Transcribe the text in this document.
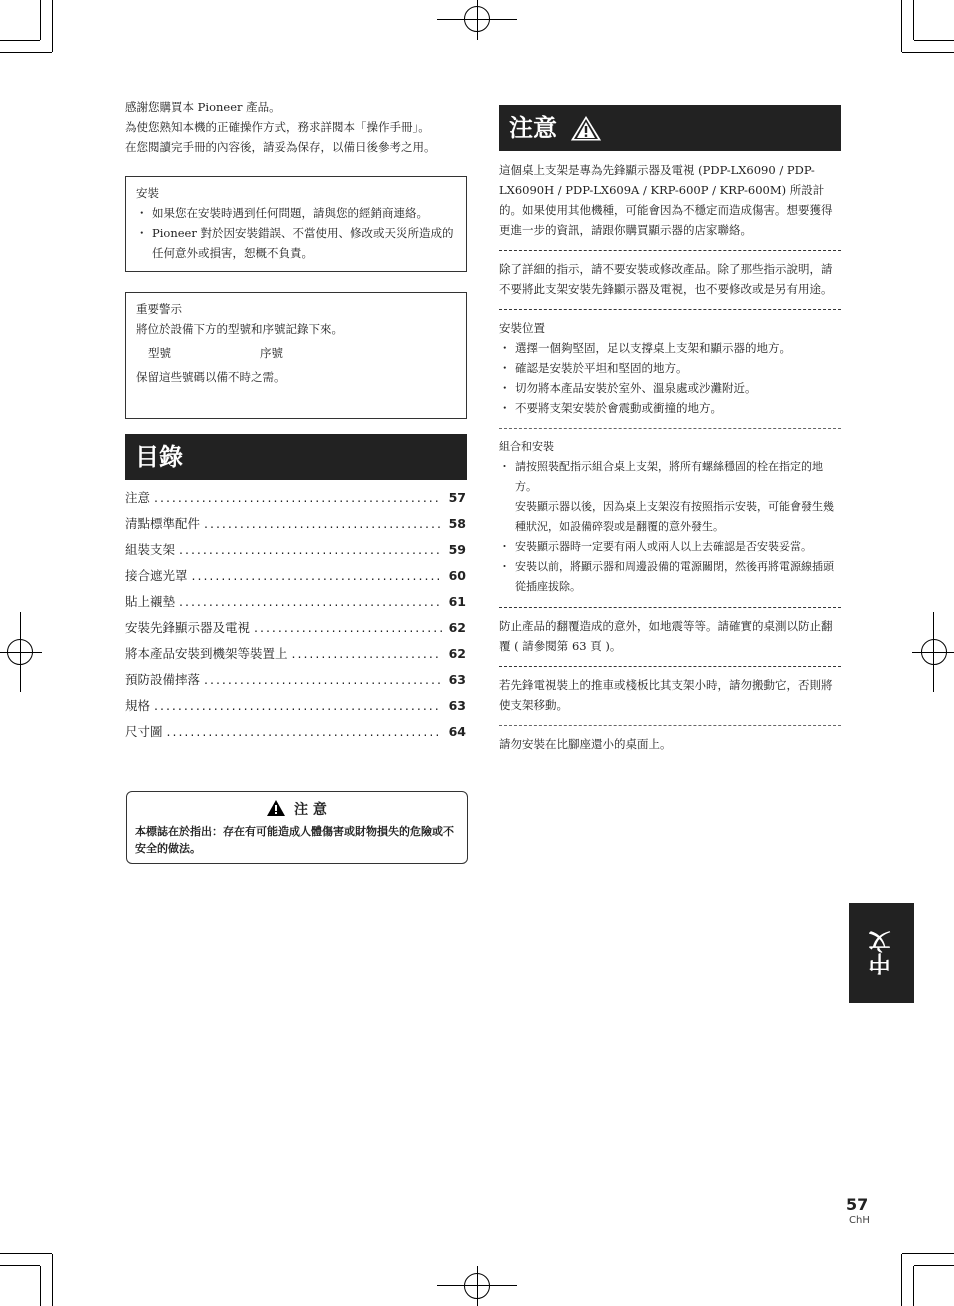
感謝您購買本 Pioneer 產品。
為使您熟知本機的正確操作方式，務求詳閱本「操作手冊」。
在您閱讀完手冊的內容後，請妥為保存，以備日後參考之用。
安裝
・ 如果您在安裝時遇到任何問題，請與您的經銷商連絡。
・ Pioneer 對於因安裝錯誤、不當使用、修改或天災所造成的任何意外或損害，恕概不負責。
重要警示
將位於設備下方的型號和序號記錄下來。
型號	序號
保留這些號碼以備不時之需。
目錄
注意 .....	57
清點標準配件 .....	58
組裝支架 .....	59
接合遮光罩 .....	60
貼上襯墊 .....	61
安裝先鋒顯示器及電視 .....	62
將本產品安裝到機架等裝置上 .....	62
預防設備摔落 .....	63
規格 .....	63
尺寸圖 .....	64
注 意
本標誌在於指出：存在有可能造成人體傷害或財物損失的危險或不安全的做法。
注意
這個桌上支架是專為先鋒顯示器及電視 (PDP-LX6090 / PDP-LX6090H / PDP-LX609A / KRP-600P / KRP-600M) 所設計的。如果使用其他機種，可能會因為不穩定而造成傷害。想要獲得更進一步的資訊，請跟你購買顯示器的店家聯絡。
除了詳細的指示，請不要安裝或修改產品。除了那些指示說明，請不要將此支架安裝先鋒顯示器及電視，也不要修改或是另有用途。
安裝位置
・ 選擇一個夠堅固，足以支撐桌上支架和顯示器的地方。
・ 確認是安裝於平坦和堅固的地方。
・ 切勿將本產品安裝於室外、溫泉處或沙灘附近。
・ 不要將支架安裝於會震動或衝撞的地方。
組合和安裝
・ 請按照裝配指示組合桌上支架，將所有螺絲穩固的栓在指定的地方。
安裝顯示器以後，因為桌上支架沒有按照指示安裝，可能會發生幾種狀況，如設備碎裂或是翻覆的意外發生。
・ 安裝顯示器時一定要有兩人或兩人以上去確認是否安裝妥當。
・ 安裝以前，將顯示器和周邊設備的電源關閉，然後再將電源線插頭從插座拔除。
防止產品的翻覆造成的意外，如地震等等。請確實的桌測以防止翻覆 ( 請參閱第 63 頁 )。
若先鋒電視裝上的推車或棧板比其支架小時，請勿搬動它，否則將使支架移動。
請勿安裝在比腳座還小的桌面上。
中文
57
ChH
